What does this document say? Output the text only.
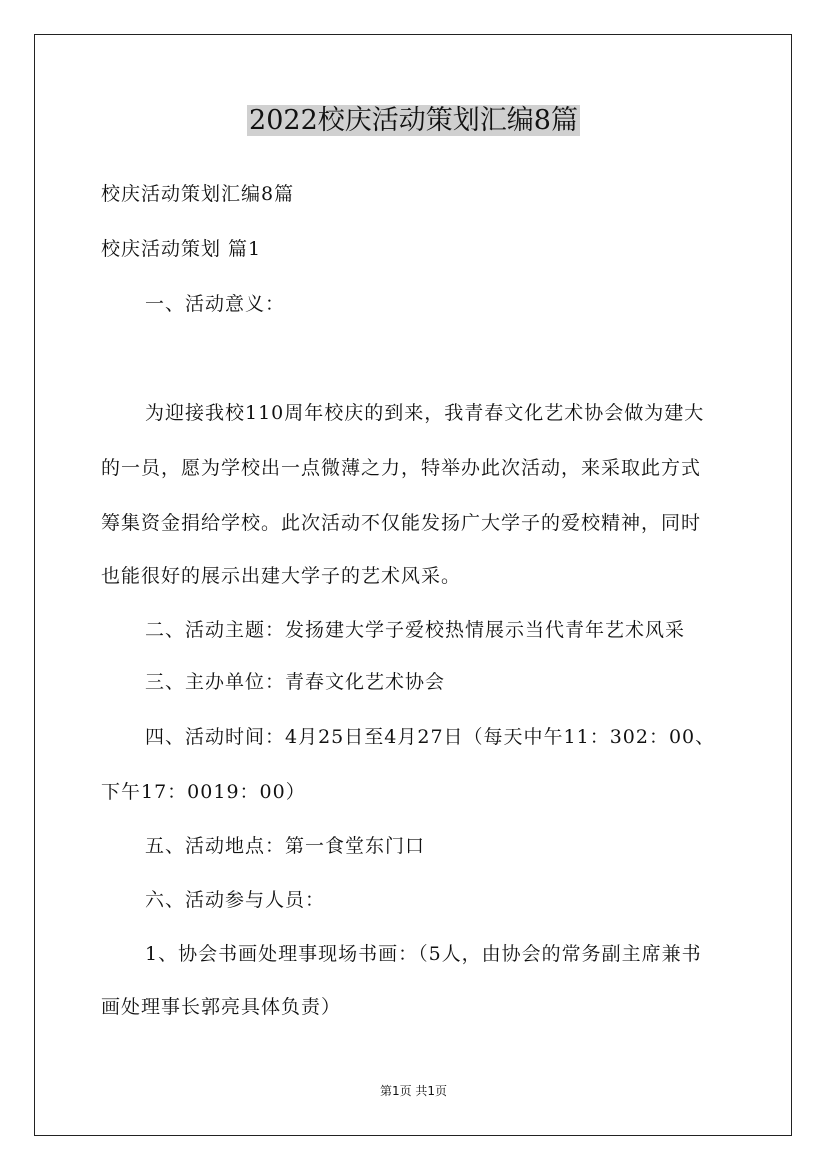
2022校庆活动策划汇编8篇
校庆活动策划汇编8篇
校庆活动策划 篇1
一、活动意义：
为迎接我校110周年校庆的到来，我青春文化艺术协会做为建大
的一员，愿为学校出一点微薄之力，特举办此次活动，来采取此方式
筹集资金捐给学校。此次活动不仅能发扬广大学子的爱校精神，同时
也能很好的展示出建大学子的艺术风采。
二、活动主题：发扬建大学子爱校热情展示当代青年艺术风采
三、主办单位：青春文化艺术协会
四、活动时间：4月25日至4月27日（每天中午11：302：00、
下午17：0019：00）
五、活动地点：第一食堂东门口
六、活动参与人员：
1、协会书画处理事现场书画：（5人，由协会的常务副主席兼书
画处理事长郭亮具体负责）
第1页 共1页
